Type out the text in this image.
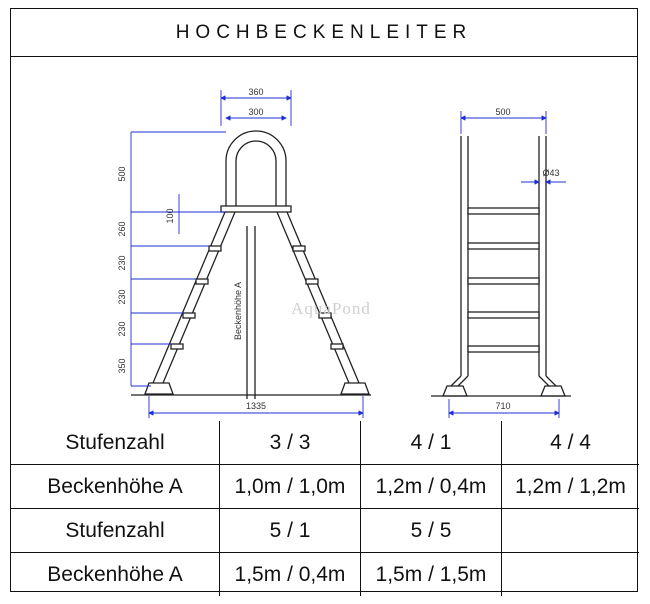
HOCHBECKENLEITER
360
300
500
260
100
230
230
230
350
1335
Beckenhöhe A
500
Ø43
710
AquaPond
Stufenzahl	3 / 3	4 / 1	4 / 4
Beckenhöhe A	1,0m / 1,0m	1,2m / 0,4m	1,2m / 1,2m
Stufenzahl	5 / 1	5 / 5	
Beckenhöhe A	1,5m / 0,4m	1,5m / 1,5m	
